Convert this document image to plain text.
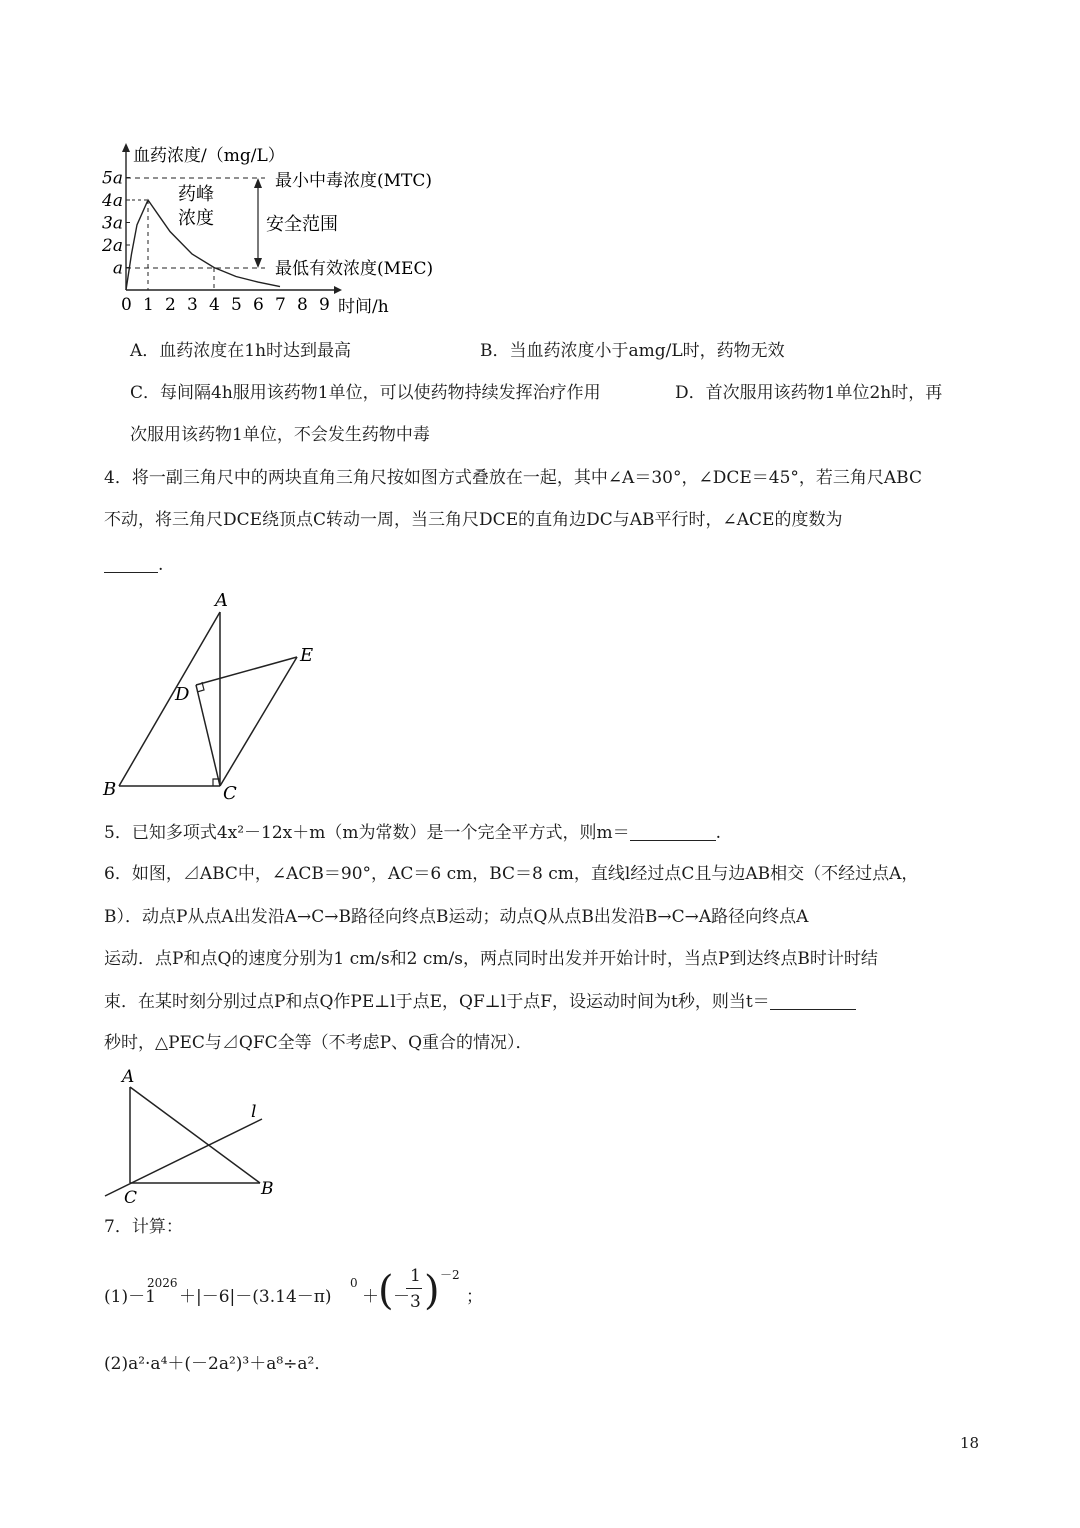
a
2a
3a
4a
5a
0 1 2 3 4 5 6 7 8 9
血药浓度/（mg/L）
时间/h
最小中毒浓度(MTC)
最低有效浓度(MEC)
安全范围
药峰
浓度
A．血药浓度在1h时达到最高	B．当血药浓度小于amg/L时，药物无效
C．每间隔4h服用该药物1单位，可以使药物持续发挥治疗作用	D．首次服用该药物1单位2h时，再
次服用该药物1单位，不会发生药物中毒
4．将一副三角尺中的两块直角三角尺按如图方式叠放在一起，其中∠A＝30°，∠DCE＝45°，若三角尺ABC
不动，将三角尺DCE绕顶点C转动一周，当三角尺DCE的直角边DC与AB平行时，∠ACE的度数为
.
A
B	C
D
E
5．已知多项式4x²－12x＋m（m为常数）是一个完全平方式，则m＝	.
6．如图，⊿ABC中，∠ACB＝90°，AC＝6 cm，BC＝8 cm，直线l经过点C且与边AB相交（不经过点A，
B）．动点P从点A出发沿A→C→B路径向终点B运动；动点Q从点B出发沿B→C→A路径向终点A
运动．点P和点Q的速度分别为1 cm/s和2 cm/s，两点同时出发并开始计时，当点P到达终点B时计时结
束．在某时刻分别过点P和点Q作PE⊥l于点E，QF⊥l于点F，设运动时间为t秒，则当t＝
秒时，△PEC与⊿QFC全等（不考虑P、Q重合的情况）．
A
C	B
l
7．计算：
(1)－1
2026
＋|－6|－(3.14－π)
0
＋ ( －
1
3 ) －2
；
(2)a²·a⁴＋(－2a²)³＋a⁸÷a²．
18
